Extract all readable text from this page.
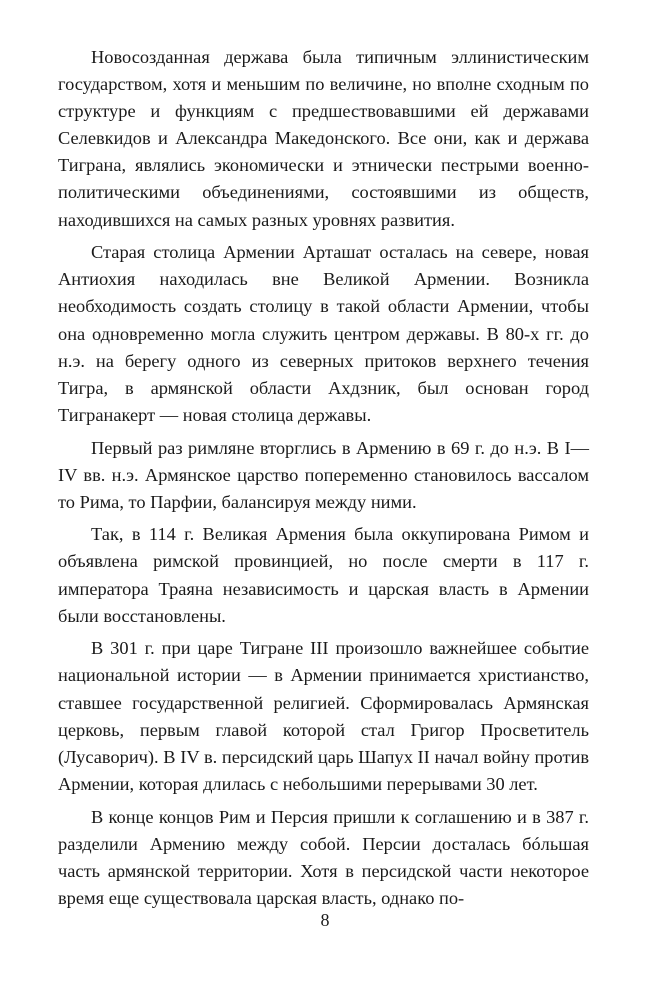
Новосозданная держава была типичным эллинистическим государством, хотя и меньшим по величине, но вполне сходным по структуре и функциям с предшествовавшими ей державами Селевкидов и Александра Македонского. Все они, как и держава Тиграна, являлись экономически и этнически пестрыми военно-политическими объединениями, состоявшими из обществ, находившихся на самых разных уровнях развития.

Старая столица Армении Арташат осталась на севере, новая Антиохия находилась вне Великой Армении. Возникла необходимость создать столицу в такой области Армении, чтобы она одновременно могла служить центром державы. В 80-х гг. до н.э. на берегу одного из северных притоков верхнего течения Тигра, в армянской области Ахдзник, был основан город Тигранакерт — новая столица державы.

Первый раз римляне вторглись в Армению в 69 г. до н.э. В I—IV вв. н.э. Армянское царство попеременно становилось вассалом то Рима, то Парфии, балансируя между ними.

Так, в 114 г. Великая Армения была оккупирована Римом и объявлена римской провинцией, но после смерти в 117 г. императора Траяна независимость и царская власть в Армении были восстановлены.

В 301 г. при царе Тигране III произошло важнейшее событие национальной истории — в Армении принимается христианство, ставшее государственной религией. Сформировалась Армянская церковь, первым главой которой стал Григор Просветитель (Лусаворич). В IV в. персидский царь Шапух II начал войну против Армении, которая длилась с небольшими перерывами 30 лет.

В конце концов Рим и Персия пришли к соглашению и в 387 г. разделили Армению между собой. Персии досталась бóльшая часть армянской территории. Хотя в персидской части некоторое время еще существовала царская власть, однако по-

8
